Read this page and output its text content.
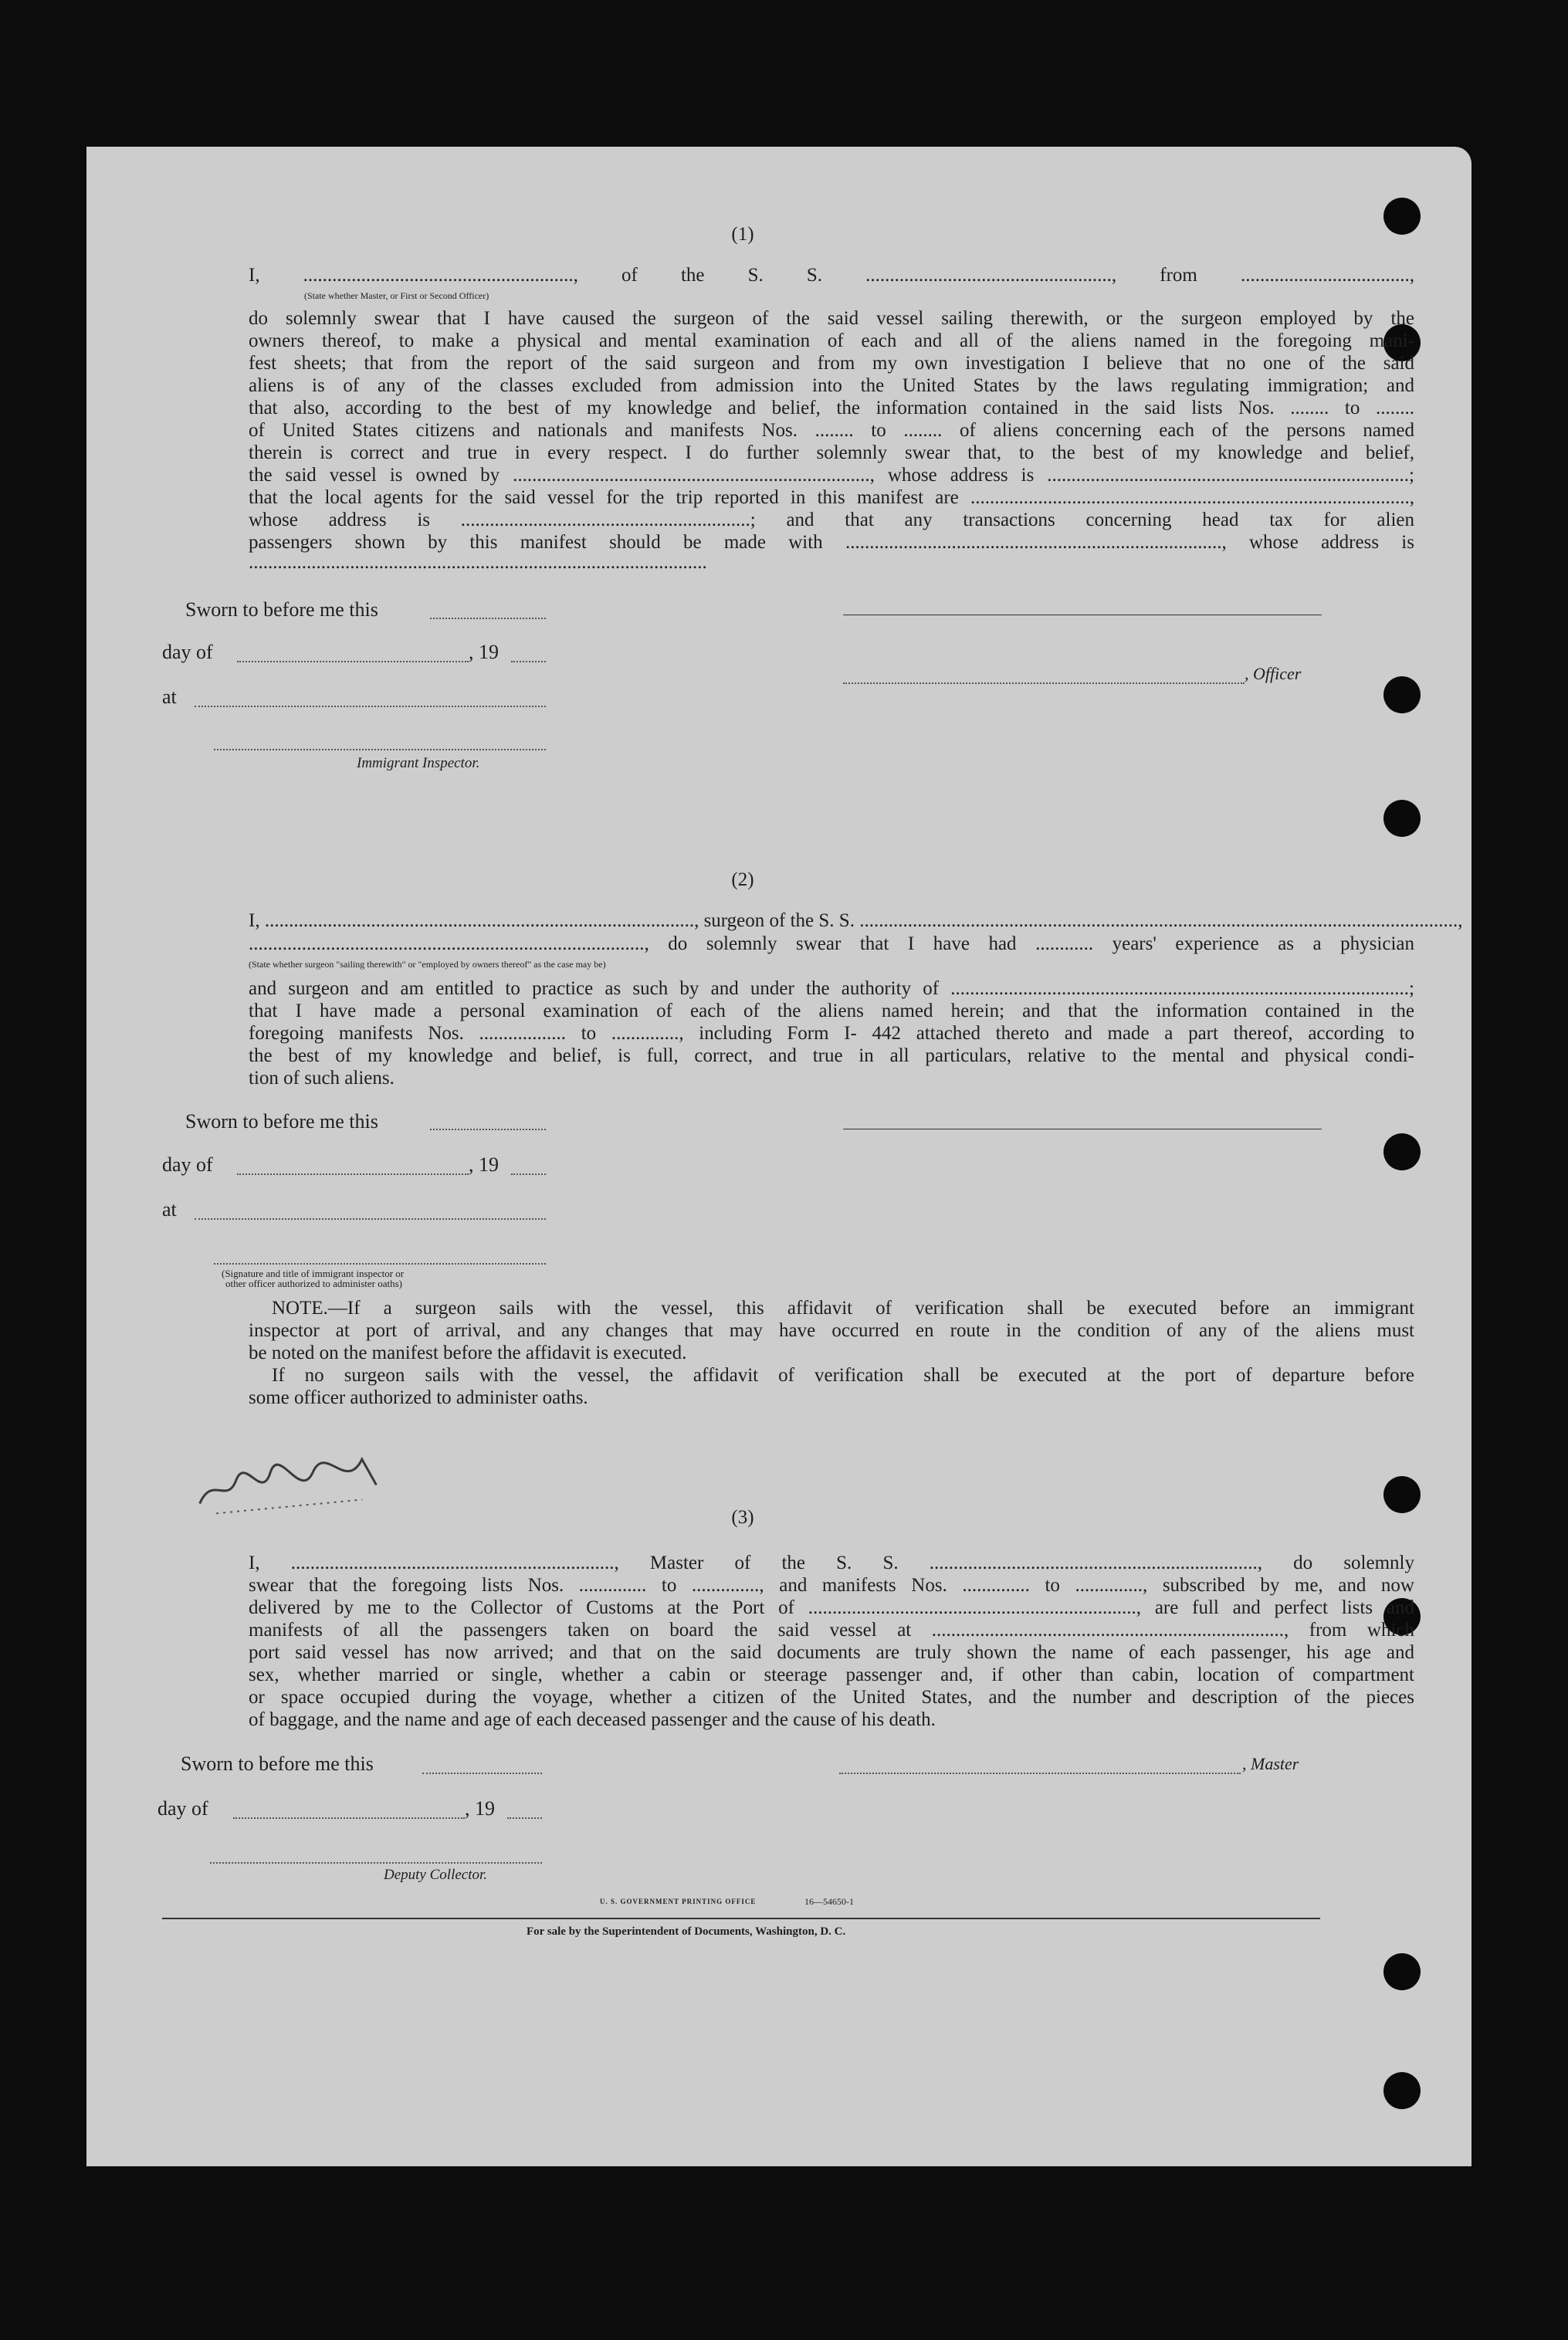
(1)
I, ........................................................, of the S. S. ..................................................., from ...................................,
(State whether Master, or First or Second Officer)
do solemnly swear that I have caused the surgeon of the said vessel sailing therewith, or the surgeon employed by the
owners thereof, to make a physical and mental examination of each and all of the aliens named in the foregoing mani-
fest sheets; that from the report of the said surgeon and from my own investigation I believe that no one of the said
aliens is of any of the classes excluded from admission into the United States by the laws regulating immigration; and
that also, according to the best of my knowledge and belief, the information contained in the said lists Nos. ........ to ........
of United States citizens and nationals and manifests Nos. ........ to ........ of aliens concerning each of the persons named
therein is correct and true in every respect. I do further solemnly swear that, to the best of my knowledge and belief,
the said vessel is owned by .........................................................................., whose address is ...........................................................................;
that the local agents for the said vessel for the trip reported in this manifest are ...........................................................................................,
whose address is ............................................................; and that any transactions concerning head tax for alien
passengers shown by this manifest should be made with .............................................................................., whose address is
...............................................................................................
Sworn to before me this
day of	, 19
, Officer
at
Immigrant Inspector.
(2)
I, ........................................................................................., surgeon of the S. S. ............................................................................................................................,
.................................................................................., do solemnly swear that I have had ............ years' experience as a physician
(State whether surgeon "sailing therewith" or "employed by owners thereof" as the case may be)
and surgeon and am entitled to practice as such by and under the authority of ...............................................................................................;
that I have made a personal examination of each of the aliens named herein; and that the information contained in the
foregoing manifests Nos. .................. to .............., including Form I- 442 attached thereto and made a part thereof, according to
the best of my knowledge and belief, is full, correct, and true in all particulars, relative to the mental and physical condi-
tion of such aliens.
Sworn to before me this
day of	, 19
at
(Signature and title of immigrant inspector or
other officer authorized to administer oaths)
NOTE.—If a surgeon sails with the vessel, this affidavit of verification shall be executed before an immigrant
inspector at port of arrival, and any changes that may have occurred en route in the condition of any of the aliens must
be noted on the manifest before the affidavit is executed.
If no surgeon sails with the vessel, the affidavit of verification shall be executed at the port of departure before
some officer authorized to administer oaths.
(3)
I, ..................................................................., Master of the S. S. ...................................................................., do solemnly
swear that the foregoing lists Nos. .............. to .............., and manifests Nos. .............. to .............., subscribed by me, and now
delivered by me to the Collector of Customs at the Port of ...................................................................., are full and perfect lists and
manifests of all the passengers taken on board the said vessel at ........................................................................., from which
port said vessel has now arrived; and that on the said documents are truly shown the name of each passenger, his age and
sex, whether married or single, whether a cabin or steerage passenger and, if other than cabin, location of compartment
or space occupied during the voyage, whether a citizen of the United States, and the number and description of the pieces
of baggage, and the name and age of each deceased passenger and the cause of his death.
Sworn to before me this	, Master
day of	, 19
Deputy Collector.
U. S. GOVERNMENT PRINTING OFFICE	16—54650-1
For sale by the Superintendent of Documents, Washington, D. C.
